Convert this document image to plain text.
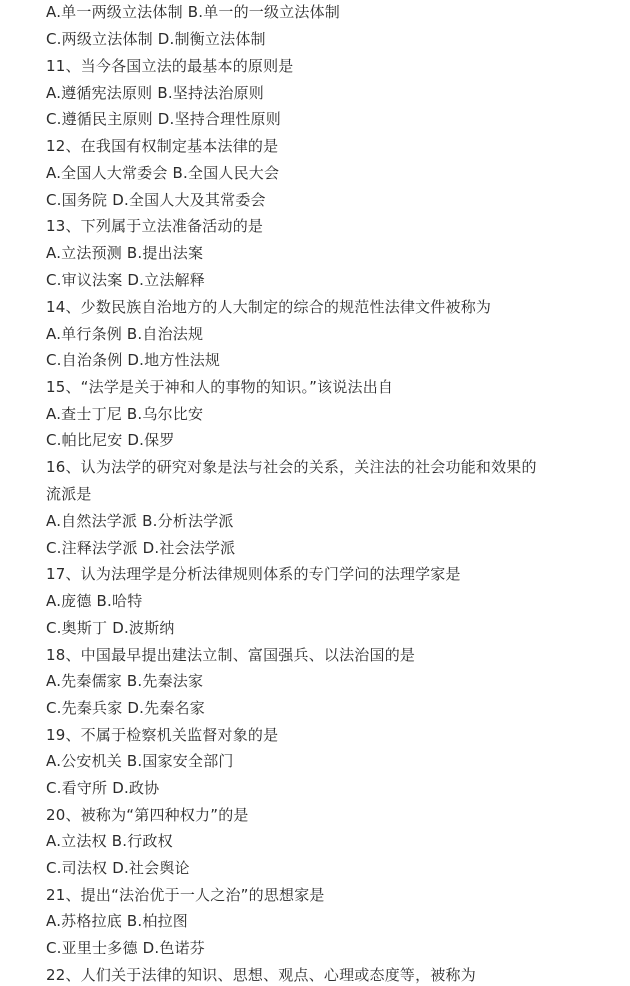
A.单一两级立法体制 B.单一的一级立法体制
C.两级立法体制 D.制衡立法体制
11、当今各国立法的最基本的原则是
A.遵循宪法原则 B.坚持法治原则
C.遵循民主原则 D.坚持合理性原则
12、在我国有权制定基本法律的是
A.全国人大常委会 B.全国人民大会
C.国务院 D.全国人大及其常委会
13、下列属于立法准备活动的是
A.立法预测 B.提出法案
C.审议法案 D.立法解释
14、少数民族自治地方的人大制定的综合的规范性法律文件被称为
A.单行条例 B.自治法规
C.自治条例 D.地方性法规
15、“法学是关于神和人的事物的知识。”该说法出自
A.查士丁尼 B.乌尔比安
C.帕比尼安 D.保罗
16、认为法学的研究对象是法与社会的关系，关注法的社会功能和效果的
流派是
A.自然法学派 B.分析法学派
C.注释法学派 D.社会法学派
17、认为法理学是分析法律规则体系的专门学问的法理学家是
A.庞德 B.哈特
C.奥斯丁 D.波斯纳
18、中国最早提出建法立制、富国强兵、以法治国的是
A.先秦儒家 B.先秦法家
C.先秦兵家 D.先秦名家
19、不属于检察机关监督对象的是
A.公安机关 B.国家安全部门
C.看守所 D.政协
20、被称为“第四种权力”的是
A.立法权 B.行政权
C.司法权 D.社会舆论
21、提出“法治优于一人之治”的思想家是
A.苏格拉底 B.柏拉图
C.亚里士多德 D.色诺芬
22、人们关于法律的知识、思想、观点、心理或态度等，被称为
